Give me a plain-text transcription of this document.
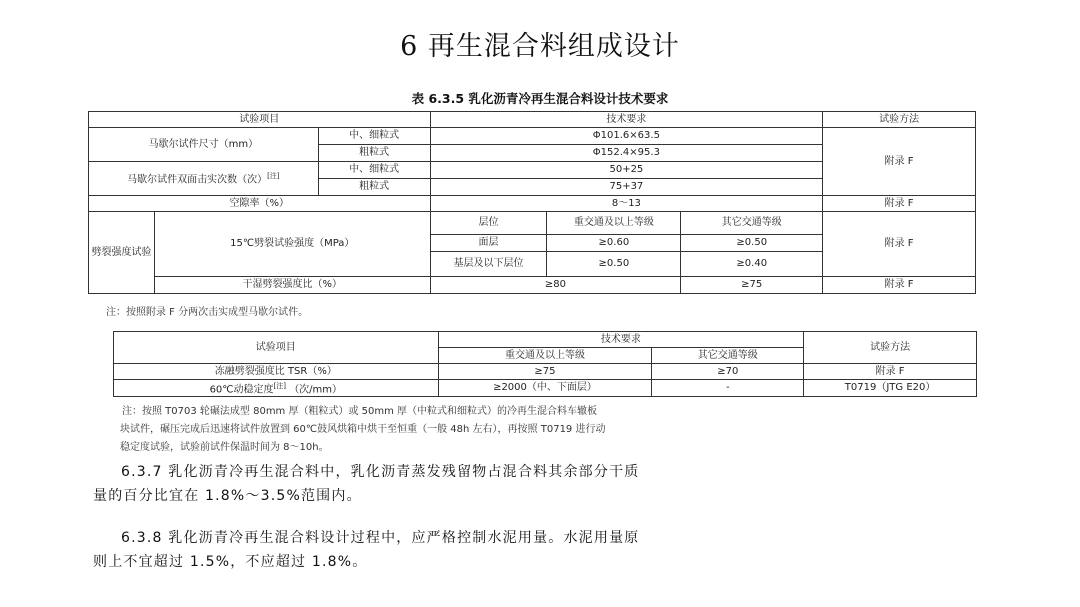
6 再生混合料组成设计
表 6.3.5 乳化沥青冷再生混合料设计技术要求
试验项目			技术要求			试验方法
马歇尔试件尺寸（mm）		中、细粒式	Φ101.6×63.5			附录 F
		粗粒式	Φ152.4×95.3			
马歇尔试件双面击实次数（次）[注]		中、细粒式	50+25			
		粗粒式	75+37			
空隙率（%）			8～13			附录 F
劈裂强度试验	15℃劈裂试验强度（MPa）		层位	重交通及以上等级	其它交通等级	附录 F
			面层	≥0.60	≥0.50	
			基层及以下层位	≥0.50	≥0.40	
	干湿劈裂强度比（%）		≥80		≥75	附录 F
注：按照附录 F 分两次击实成型马歇尔试件。
试验项目	技术要求		试验方法
	重交通及以上等级	其它交通等级	
冻融劈裂强度比 TSR（%）	≥75	≥70	附录 F
60℃动稳定度[注] （次/mm）	≥2000（中、下面层）	-	T0719（JTG E20）
注：按照 T0703 轮碾法成型 80mm 厚（粗粒式）或 50mm 厚（中粒式和细粒式）的冷再生混合料车辙板
块试件，碾压完成后迅速将试件放置到 60℃鼓风烘箱中烘干至恒重（一般 48h 左右），再按照 T0719 进行动
稳定度试验，试验前试件保温时间为 8～10h。
6.3.7 乳化沥青冷再生混合料中，乳化沥青蒸发残留物占混合料其余部分干质
量的百分比宜在 1.8%～3.5%范围内。
6.3.8 乳化沥青冷再生混合料设计过程中，应严格控制水泥用量。水泥用量原
则上不宜超过 1.5%，不应超过 1.8%。
